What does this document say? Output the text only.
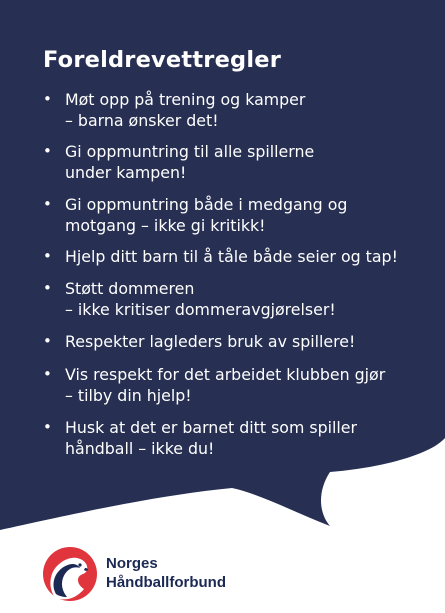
Foreldrevettregler
• Møt opp på trening og kamper
– barna ønsker det!
• Gi oppmuntring til alle spillerne
under kampen!
• Gi oppmuntring både i medgang og
motgang – ikke gi kritikk!
• Hjelp ditt barn til å tåle både seier og tap!
• Støtt dommeren
– ikke kritiser dommeravgjørelser!
• Respekter lagleders bruk av spillere!
• Vis respekt for det arbeidet klubben gjør
– tilby din hjelp!
• Husk at det er barnet ditt som spiller
håndball – ikke du!
Norges
Håndballforbund
